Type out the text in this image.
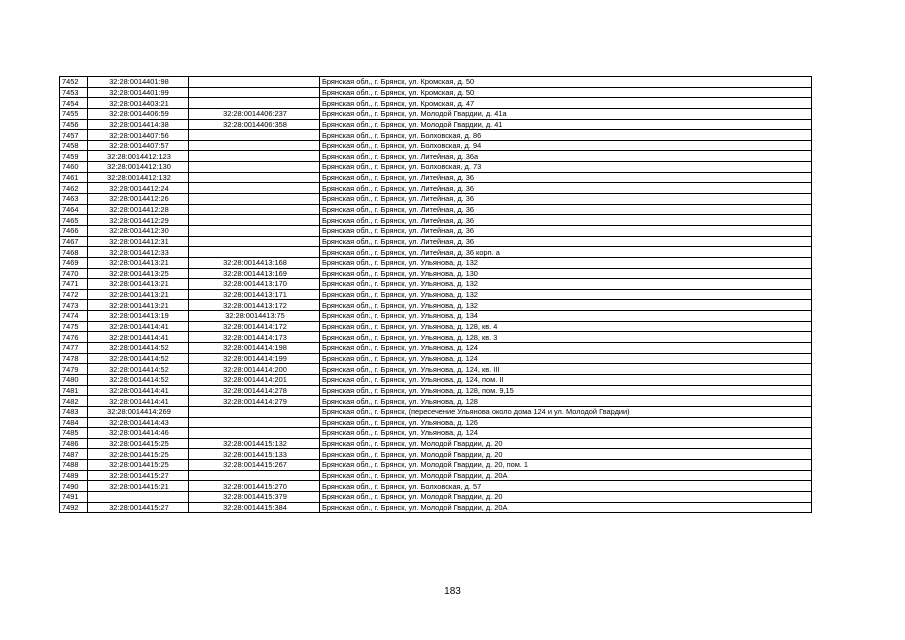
7452	32:28:0014401:98		Брянская обл., г. Брянск, ул. Кромская, д. 50
7453	32:28:0014401:99		Брянская обл., г. Брянск, ул. Кромская, д. 50
7454	32:28:0014403:21		Брянская обл., г. Брянск, ул. Кромская, д. 47
7455	32:28:0014406:59	32:28:0014406:237	Брянская обл., г. Брянск, ул. Молодой Гвардии, д. 41а
7456	32:28:0014414:38	32:28:0014406:358	Брянская обл., г. Брянск, ул. Молодой Гвардии, д. 41
7457	32:28:0014407:56		Брянская обл., г. Брянск, ул. Болховская, д. 86
7458	32:28:0014407:57		Брянская обл., г. Брянск, ул. Болховская, д. 94
7459	32:28:0014412:123		Брянская обл., г. Брянск, ул. Литейная, д. 36а
7460	32:28:0014412:130		Брянская обл., г. Брянск, ул. Болховская, д. 73
7461	32:28:0014412:132		Брянская обл., г. Брянск, ул. Литейная, д. 36
7462	32:28:0014412:24		Брянская обл., г. Брянск, ул. Литейная, д. 36
7463	32:28:0014412:26		Брянская обл., г. Брянск, ул. Литейная, д. 36
7464	32:28:0014412:28		Брянская обл., г. Брянск, ул. Литейная, д. 36
7465	32:28:0014412:29		Брянская обл., г. Брянск, ул. Литейная, д. 36
7466	32:28:0014412:30		Брянская обл., г. Брянск, ул. Литейная, д. 36
7467	32:28:0014412:31		Брянская обл., г. Брянск, ул. Литейная, д. 36
7468	32:28:0014412:33		Брянская обл., г. Брянск, ул. Литейная, д. 36 корп. а
7469	32:28:0014413:21	32:28:0014413:168	Брянская обл., г. Брянск, ул. Ульянова, д. 132
7470	32:28:0014413:25	32:28:0014413:169	Брянская обл., г. Брянск, ул. Ульянова, д. 130
7471	32:28:0014413:21	32:28:0014413:170	Брянская обл., г. Брянск, ул. Ульянова, д. 132
7472	32:28:0014413:21	32:28:0014413:171	Брянская обл., г. Брянск, ул. Ульянова, д. 132
7473	32:28:0014413:21	32:28:0014413:172	Брянская обл., г. Брянск, ул. Ульянова, д. 132
7474	32:28:0014413:19	32:28:0014413:75	Брянская обл., г. Брянск, ул. Ульянова, д. 134
7475	32:28:0014414:41	32:28:0014414:172	Брянская обл., г. Брянск, ул. Ульянова, д. 128, кв. 4
7476	32:28:0014414:41	32:28:0014414:173	Брянская обл., г. Брянск, ул. Ульянова, д. 128, кв. 3
7477	32:28:0014414:52	32:28:0014414:198	Брянская обл., г. Брянск, ул. Ульянова, д. 124
7478	32:28:0014414:52	32:28:0014414:199	Брянская обл., г. Брянск, ул. Ульянова, д. 124
7479	32:28:0014414:52	32:28:0014414:200	Брянская обл., г. Брянск, ул. Ульянова, д. 124, кв. III
7480	32:28:0014414:52	32:28:0014414:201	Брянская обл., г. Брянск, ул. Ульянова, д. 124, пом. II
7481	32:28:0014414:41	32:28:0014414:278	Брянская обл., г. Брянск, ул. Ульянова, д. 128, пом. 9,15
7482	32:28:0014414:41	32:28:0014414:279	Брянская обл., г. Брянск, ул. Ульянова, д. 128
7483	32:28:0014414:269		Брянская обл., г. Брянск, (пересечение Ульянова около дома 124 и ул. Молодой Гвардии)
7484	32:28:0014414:43		Брянская обл., г. Брянск, ул. Ульянова, д. 126
7485	32:28:0014414:46		Брянская обл., г. Брянск, ул. Ульянова, д. 124
7486	32:28:0014415:25	32:28:0014415:132	Брянская обл., г. Брянск, ул. Молодой Гвардии, д. 20
7487	32:28:0014415:25	32:28:0014415:133	Брянская обл., г. Брянск, ул. Молодой Гвардии, д. 20
7488	32:28:0014415:25	32:28:0014415:267	Брянская обл., г. Брянск, ул. Молодой Гвардии, д. 20, пом. 1
7489	32:28:0014415:27		Брянская обл., г. Брянск, ул. Молодой Гвардии, д. 20А
7490	32:28:0014415:21	32:28:0014415:270	Брянская обл., г. Брянск, ул. Болховская, д. 57
7491		32:28:0014415:379	Брянская обл., г. Брянск, ул. Молодой Гвардии, д. 20
7492	32:28:0014415:27	32:28:0014415:384	Брянская обл., г. Брянск, ул. Молодой Гвардии, д. 20А
183
